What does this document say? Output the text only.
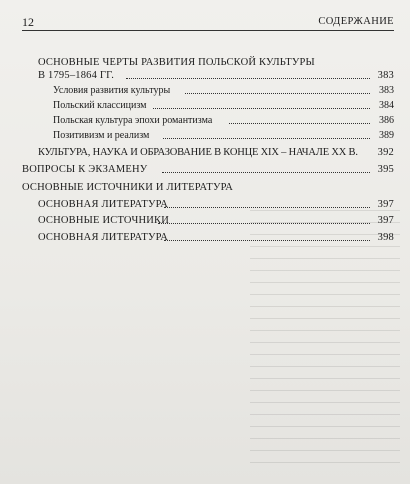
12	СОДЕРЖАНИЕ
ОСНОВНЫЕ ЧЕРТЫ РАЗВИТИЯ ПОЛЬСКОЙ КУЛЬТУРЫ
В 1795–1864 ГГ.	383
Условия развития культуры	383
Польский классицизм	384
Польская культура эпохи романтизма	386
Позитивизм и реализм	389
КУЛЬТУРА, НАУКА И ОБРАЗОВАНИЕ В КОНЦЕ XIX – НАЧАЛЕ XX В. 392
ВОПРОСЫ К ЭКЗАМЕНУ	395
ОСНОВНЫЕ ИСТОЧНИКИ И ЛИТЕРАТУРА
ОСНОВНАЯ ЛИТЕРАТУРА	397
ОСНОВНЫЕ ИСТОЧНИКИ	397
ОСНОВНАЯ ЛИТЕРАТУРА	398
